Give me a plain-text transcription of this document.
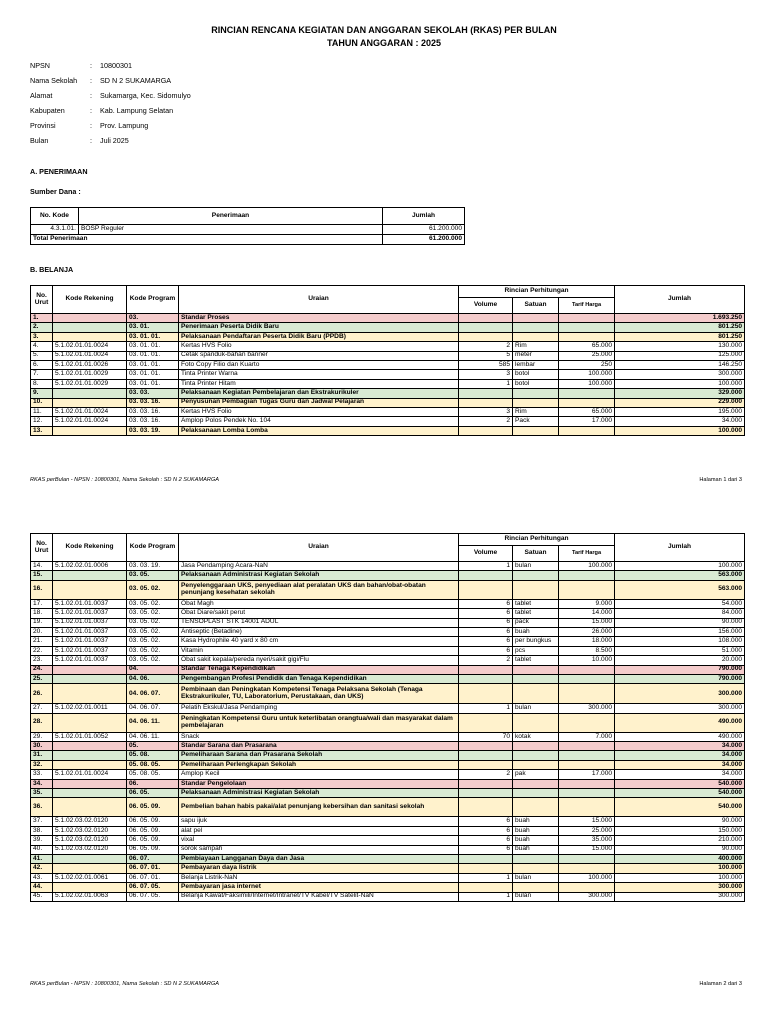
RINCIAN RENCANA KEGIATAN DAN ANGGARAN SEKOLAH (RKAS) PER BULAN
TAHUN ANGGARAN : 2025
NPSN	:	10800301
Nama Sekolah	:	SD N 2 SUKAMARGA
Alamat	:	Sukamarga, Kec. Sidomulyo
Kabupaten	:	Kab. Lampung Selatan
Provinsi	:	Prov. Lampung
Bulan	:	Juli 2025
A. PENERIMAAN
Sumber Dana :
No. Kode	Penerimaan	Jumlah
4.3.1.01.	BOSP Reguler	61.200.000
Total Penerimaan		61.200.000
B. BELANJA
No. Urut	Kode Rekening	Kode Program	Uraian	Rincian Perhitungan			Jumlah
				Volume	Satuan	Tarif Harga	
1.		03.	Standar Proses				1.693.250
2.		03. 01.	Penerimaan Peserta Didik Baru				801.250
3.		03. 01. 01.	Pelaksanaan Pendaftaran Peserta Didik Baru (PPDB)				801.250
4.	5.1.02.01.01.0024	03. 01. 01.	Kertas HVS Folio	2	Rim	65.000	130.000
5.	5.1.02.01.01.0024	03. 01. 01.	Cetak spanduk-bahan banner	5	meter	25.000	125.000
6.	5.1.02.01.01.0026	03. 01. 01.	Foto Copy Filio dan Kuarto	585	lembar	250	146.250
7.	5.1.02.01.01.0029	03. 01. 01.	Tinta Printer Warna	3	botol	100.000	300.000
8.	5.1.02.01.01.0029	03. 01. 01.	Tinta Printer Hitam	1	botol	100.000	100.000
9.		03. 03.	Pelaksanaan Kegiatan Pembelajaran dan Ekstrakurikuler				329.000
10.		03. 03. 16.	Penyusunan Pembagian Tugas Guru dan Jadwal Pelajaran				229.000
11.	5.1.02.01.01.0024	03. 03. 16.	Kertas HVS Folio	3	Rim	65.000	195.000
12.	5.1.02.01.01.0024	03. 03. 16.	Amplop Polos Pendek No. 104	2	Pack	17.000	34.000
13.		03. 03. 19.	Pelaksanaan Lomba Lomba				100.000
RKAS perBulan - NPSN : 10800301, Nama Sekolah : SD N 2 SUKAMARGA	Halaman 1 dari 3
No. Urut	Kode Rekening	Kode Program	Uraian	Rincian Perhitungan			Jumlah
				Volume	Satuan	Tarif Harga	
14.	5.1.02.02.01.0006	03. 03. 19.	Jasa Pendamping Acara-NaN	1	bulan	100.000	100.000
15.		03. 05.	Pelaksanaan Administrasi Kegiatan Sekolah				563.000
16.		03. 05. 02.	Penyelenggaraan UKS, penyediaan alat peralatan UKS dan bahan/obat-obatan penunjang kesehatan sekolah				563.000
17.	5.1.02.01.01.0037	03. 05. 02.	Obat Magh	6	tablet	9.000	54.000
18.	5.1.02.01.01.0037	03. 05. 02.	Obat Diare/sakit perut	6	tablet	14.000	84.000
19.	5.1.02.01.01.0037	03. 05. 02.	TENSOPLAST STK 14001 ADUL	6	pack	15.000	90.000
20.	5.1.02.01.01.0037	03. 05. 02.	Antiseptic (Betadine)	6	buah	26.000	156.000
21.	5.1.02.01.01.0037	03. 05. 02.	Kasa Hydrophile 40 yard x 80 cm	6	per bungkus	18.000	108.000
22.	5.1.02.01.01.0037	03. 05. 02.	Vitamin	6	pcs	8.500	51.000
23.	5.1.02.01.01.0037	03. 05. 02.	Obat sakit kepala/pereda nyeri/sakit gigi/Flu	2	tablet	10.000	20.000
24.		04.	Standar Tenaga Kependidikan				790.000
25.		04. 06.	Pengembangan Profesi Pendidik dan Tenaga Kependidikan				790.000
26.		04. 06. 07.	Pembinaan dan Peningkatan Kompetensi Tenaga Pelaksana Sekolah (Tenaga Ekstrakurikuler, TU, Laboratorium, Perustakaan, dan UKS)				300.000
27.	5.1.02.02.01.0011	04. 06. 07.	Pelatih Ekskul/Jasa Pendamping	1	bulan	300.000	300.000
28.		04. 06. 11.	Peningkatan Kompetensi Guru untuk keterlibatan orangtua/wali dan masyarakat dalam pembelajaran				490.000
29.	5.1.02.01.01.0052	04. 06. 11.	Snack	70	kotak	7.000	490.000
30.		05.	Standar Sarana dan Prasarana				34.000
31.		05. 08.	Pemeliharaan Sarana dan Prasarana Sekolah				34.000
32.		05. 08. 05.	Pemeliharaan Perlengkapan Sekolah				34.000
33.	5.1.02.01.01.0024	05. 08. 05.	Amplop Kecil	2	pak	17.000	34.000
34.		06.	Standar Pengelolaan				540.000
35.		06. 05.	Pelaksanaan Administrasi Kegiatan Sekolah				540.000
36.		06. 05. 09.	Pembelian bahan habis pakai/alat penunjang kebersihan dan sanitasi sekolah				540.000
37.	5.1.02.03.02.0120	06. 05. 09.	sapu ijuk	6	buah	15.000	90.000
38.	5.1.02.03.02.0120	06. 05. 09.	alat pel	6	buah	25.000	150.000
39.	5.1.02.03.02.0120	06. 05. 09.	vixal	6	buah	35.000	210.000
40.	5.1.02.03.02.0120	06. 05. 09.	sorok sampah	6	buah	15.000	90.000
41.		06. 07.	Pembiayaan Langganan Daya dan Jasa				400.000
42.		06. 07. 01.	Pembayaran daya listrik				100.000
43.	5.1.02.02.01.0061	06. 07. 01.	Belanja Listrik-NaN	1	bulan	100.000	100.000
44.		06. 07. 05.	Pembayaran jasa internet				300.000
45.	5.1.02.02.01.0063	06. 07. 05.	Belanja Kawat/Faksimili/Internet/Intranet/TV Kabel/TV Satelit-NaN	1	bulan	300.000	300.000
RKAS perBulan - NPSN : 10800301, Nama Sekolah : SD N 2 SUKAMARGA	Halaman 2 dari 3
